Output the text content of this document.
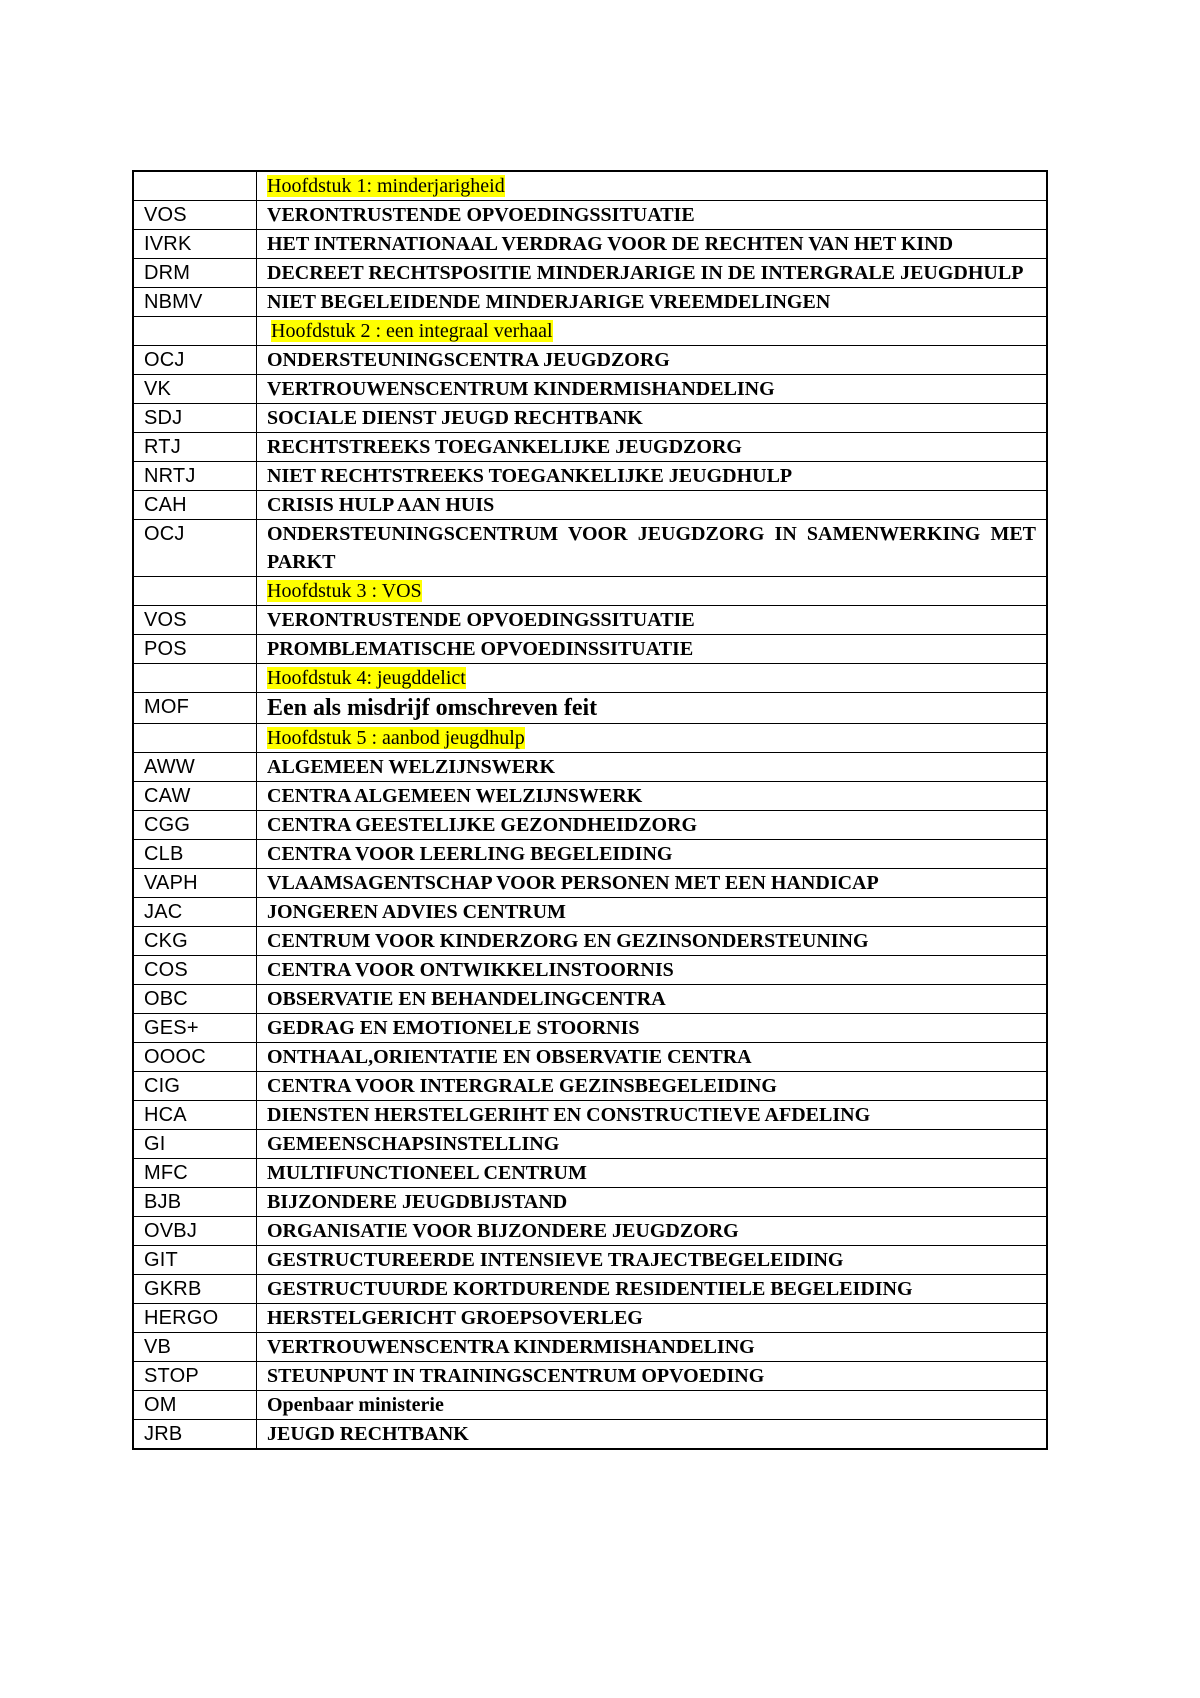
	Hoofdstuk 1: minderjarigheid
VOS	VERONTRUSTENDE OPVOEDINGSSITUATIE
IVRK	HET INTERNATIONAAL VERDRAG VOOR DE RECHTEN VAN HET KIND
DRM	DECREET RECHTSPOSITIE MINDERJARIGE IN DE INTERGRALE JEUGDHULP
NBMV	NIET BEGELEIDENDE MINDERJARIGE VREEMDELINGEN
	Hoofdstuk 2 : een integraal verhaal
OCJ	ONDERSTEUNINGSCENTRA JEUGDZORG
VK	VERTROUWENSCENTRUM KINDERMISHANDELING
SDJ	SOCIALE DIENST JEUGD RECHTBANK
RTJ	RECHTSTREEKS TOEGANKELIJKE JEUGDZORG
NRTJ	NIET RECHTSTREEKS TOEGANKELIJKE JEUGDHULP
CAH	CRISIS HULP AAN HUIS
OCJ	ONDERSTEUNINGSCENTRUM VOOR JEUGDZORG IN SAMENWERKING MET PARKT
	Hoofdstuk 3 : VOS
VOS	VERONTRUSTENDE OPVOEDINGSSITUATIE
POS	PROMBLEMATISCHE OPVOEDINSSITUATIE
	Hoofdstuk 4: jeugddelict
MOF	Een als misdrijf omschreven feit
	Hoofdstuk 5 : aanbod jeugdhulp
AWW	ALGEMEEN WELZIJNSWERK
CAW	CENTRA ALGEMEEN WELZIJNSWERK
CGG	CENTRA GEESTELIJKE GEZONDHEIDZORG
CLB	CENTRA VOOR LEERLING BEGELEIDING
VAPH	VLAAMSAGENTSCHAP VOOR PERSONEN MET EEN HANDICAP
JAC	JONGEREN ADVIES CENTRUM
CKG	CENTRUM VOOR KINDERZORG EN GEZINSONDERSTEUNING
COS	CENTRA VOOR ONTWIKKELINSTOORNIS
OBC	OBSERVATIE EN BEHANDELINGCENTRA
GES+	GEDRAG EN EMOTIONELE STOORNIS
OOOC	ONTHAAL,ORIENTATIE EN OBSERVATIE CENTRA
CIG	CENTRA VOOR INTERGRALE GEZINSBEGELEIDING
HCA	DIENSTEN HERSTELGERIHT EN CONSTRUCTIEVE AFDELING
GI	GEMEENSCHAPSINSTELLING
MFC	MULTIFUNCTIONEEL CENTRUM
BJB	BIJZONDERE JEUGDBIJSTAND
OVBJ	ORGANISATIE VOOR BIJZONDERE JEUGDZORG
GIT	GESTRUCTUREERDE INTENSIEVE TRAJECTBEGELEIDING
GKRB	GESTRUCTUURDE KORTDURENDE RESIDENTIELE BEGELEIDING
HERGO	HERSTELGERICHT GROEPSOVERLEG
VB	VERTROUWENSCENTRA KINDERMISHANDELING
STOP	STEUNPUNT IN TRAININGSCENTRUM OPVOEDING
OM	Openbaar ministerie
JRB	JEUGD RECHTBANK
